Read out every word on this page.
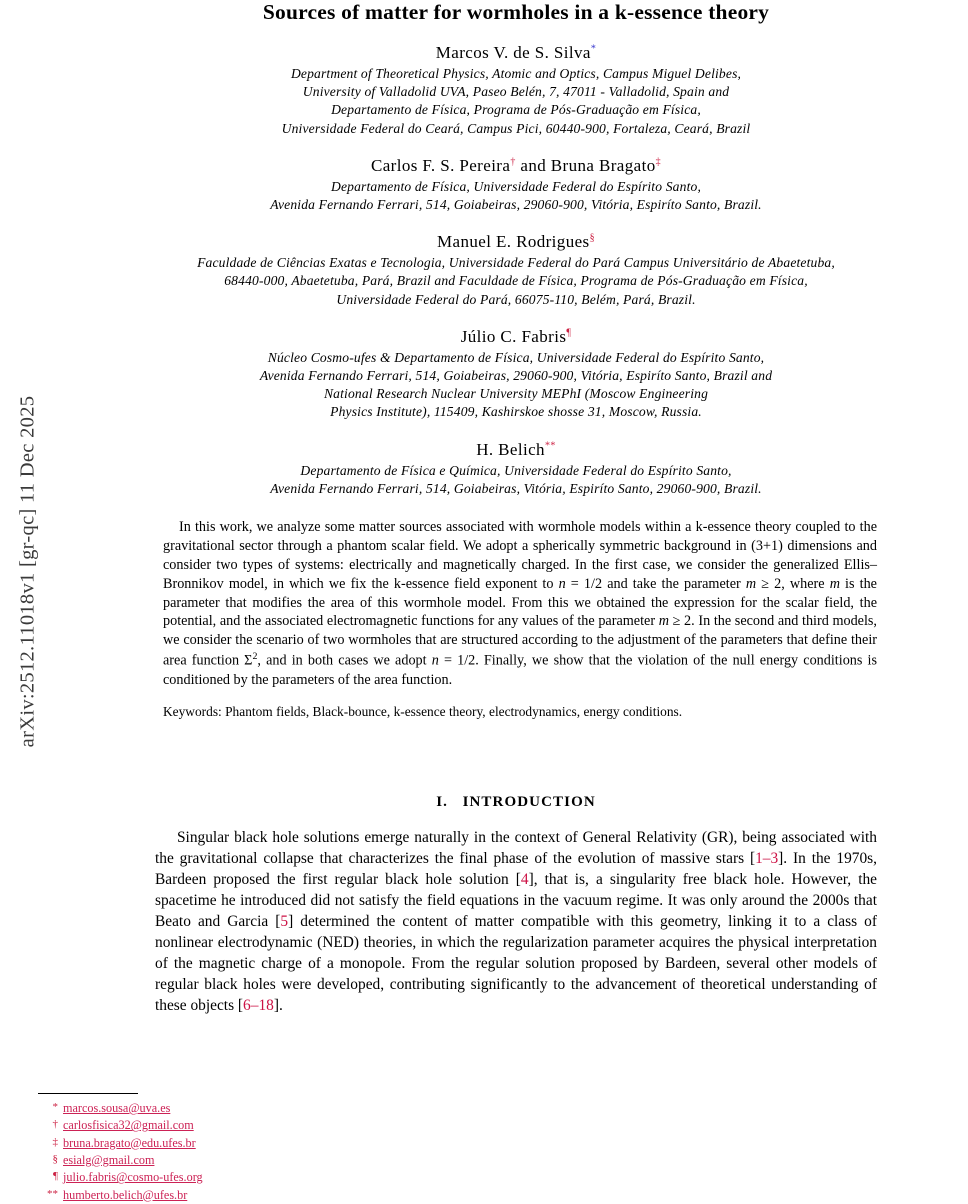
arXiv:2512.11018v1 [gr-qc] 11 Dec 2025
Sources of matter for wormholes in a k-essence theory
Marcos V. de S. Silva*
Department of Theoretical Physics, Atomic and Optics, Campus Miguel Delibes,
University of Valladolid UVA, Paseo Belén, 7, 47011 - Valladolid, Spain and
Departamento de Física, Programa de Pós-Graduação em Física,
Universidade Federal do Ceará, Campus Pici, 60440-900, Fortaleza, Ceará, Brazil
Carlos F. S. Pereira† and Bruna Bragato‡
Departamento de Física, Universidade Federal do Espírito Santo,
Avenida Fernando Ferrari, 514, Goiabeiras, 29060-900, Vitória, Espiríto Santo, Brazil.
Manuel E. Rodrigues§
Faculdade de Ciências Exatas e Tecnologia, Universidade Federal do Pará Campus Universitário de Abaetetuba,
68440-000, Abaetetuba, Pará, Brazil and Faculdade de Física, Programa de Pós-Graduação em Física,
Universidade Federal do Pará, 66075-110, Belém, Pará, Brazil.
Júlio C. Fabris¶
Núcleo Cosmo-ufes & Departamento de Física, Universidade Federal do Espírito Santo,
Avenida Fernando Ferrari, 514, Goiabeiras, 29060-900, Vitória, Espiríto Santo, Brazil and
National Research Nuclear University MEPhI (Moscow Engineering
Physics Institute), 115409, Kashirskoe shosse 31, Moscow, Russia.
H. Belich**
Departamento de Física e Química, Universidade Federal do Espírito Santo,
Avenida Fernando Ferrari, 514, Goiabeiras, Vitória, Espiríto Santo, 29060-900, Brazil.
In this work, we analyze some matter sources associated with wormhole models within a k-essence theory coupled to the gravitational sector through a phantom scalar field. We adopt a spherically symmetric background in (3+1) dimensions and consider two types of systems: electrically and magnetically charged. In the first case, we consider the generalized Ellis–Bronnikov model, in which we fix the k-essence field exponent to n = 1/2 and take the parameter m ≥ 2, where m is the parameter that modifies the area of this wormhole model. From this we obtained the expression for the scalar field, the potential, and the associated electromagnetic functions for any values of the parameter m ≥ 2. In the second and third models, we consider the scenario of two wormholes that are structured according to the adjustment of the parameters that define their area function $\Sigma^2$, and in both cases we adopt n = 1/2. Finally, we show that the violation of the null energy conditions is conditioned by the parameters of the area function.
Keywords: Phantom fields, Black-bounce, k-essence theory, electrodynamics, energy conditions.
I. INTRODUCTION
Singular black hole solutions emerge naturally in the context of General Relativity (GR), being associated with the gravitational collapse that characterizes the final phase of the evolution of massive stars [1–3]. In the 1970s, Bardeen proposed the first regular black hole solution [4], that is, a singularity free black hole. However, the spacetime he introduced did not satisfy the field equations in the vacuum regime. It was only around the 2000s that Beato and Garcia [5] determined the content of matter compatible with this geometry, linking it to a class of nonlinear electrodynamic (NED) theories, in which the regularization parameter acquires the physical interpretation of the magnetic charge of a monopole. From the regular solution proposed by Bardeen, several other models of regular black holes were developed, contributing significantly to the advancement of theoretical understanding of these objects [6–18].
* marcos.sousa@uva.es
† carlosfisica32@gmail.com
‡ bruna.bragato@edu.ufes.br
§ esialg@gmail.com
¶ julio.fabris@cosmo-ufes.org
** humberto.belich@ufes.br
